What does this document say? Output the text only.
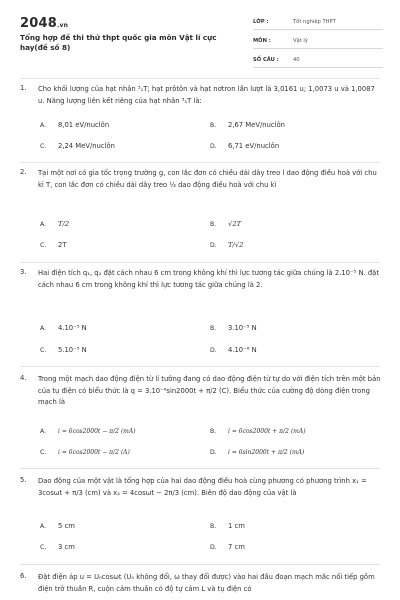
2048.vn
Tổng hợp đề thi thử thpt quốc gia môn Vật lí cực hay(đề số 8)
LỚP :	Tốt nghiệp THPT
MÔN :	Vật lý
SỐ CÂU :	40
1. Cho khối lượng của hạt nhân ³₁T; hạt prôtôn và hạt nơtron lần lượt là 3,0161 u; 1,0073 u và 1,0087 u. Năng lượng liên kết riêng của hạt nhân ³₁T là:
A. 8,01 eV/nuclôn	B. 2,67 MeV/nuclôn
C. 2,24 MeV/nuclôn	D. 6,71 eV/nuclôn
2. Tại một nơi có gia tốc trọng trường g, con lắc đơn có chiều dài dây treo l dao động điều hoà với chu kì T, con lắc đơn có chiều dài dây treo ½ dao động điều hoà với chu kì
A. T/2	B. √2T
C. 2T	D. T/√2
3. Hai điện tích q₁, q₂ đặt cách nhau 6 cm trong không khí thì lực tương tác giữa chúng là 2.10⁻⁵ N. đặt cách nhau 6 cm trong không khí thì lực tương tác giữa chúng là 2.
A. 4.10⁻⁵ N	B. 3.10⁻⁵ N
C. 5.10⁻⁵ N	D. 4.10⁻⁶ N
4. Trong một mạch dao động điện từ lí tưởng đang có dao động điện từ tự do với điện tích trên một bản của tụ điện có biểu thức là q = 3.10⁻⁶sin2000t + π/2 (C). Biểu thức của cường độ dòng điện trong mạch là
A. i = 6cos2000t − π/2 (mA)	B. i = 6cos2000t + π/2 (mA)
C. i = 6cos2000t − π/2 (A)	D. i = 6sin2000t + π/2 (mA)
5. Dao động của một vật là tổng hợp của hai dao động điều hoà cùng phương có phương trình x₁ = 3cosωt + π/3 (cm) và x₂ = 4cosωt − 2π/3 (cm). Biên độ dao động của vật là
A. 5 cm	B. 1 cm
C. 3 cm	D. 7 cm
6. Đặt điện áp u = U₀cosωt (U₀ không đổi, ω thay đổi được) vào hai đầu đoạn mạch mắc nối tiếp gồm điện trở thuần R, cuộn cảm thuần có độ tự cảm L và tụ điện có
